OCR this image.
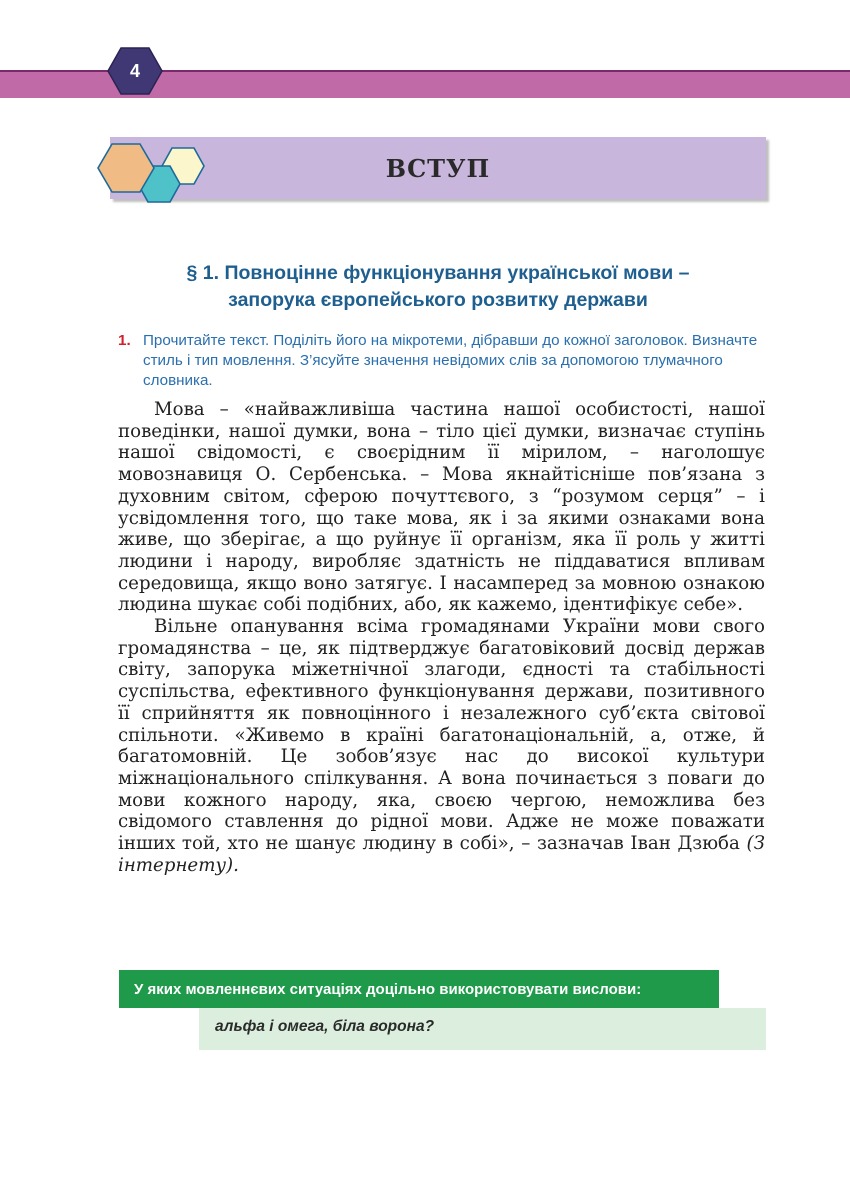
4
ВСТУП
§ 1. Повноцінне функціонування української мови –
запорука європейського розвитку держави
1. Прочитайте текст. Поділіть його на мікротеми, дібравши до кожної заголовок. Визначте стиль і тип мовлення. З’ясуйте значення невідомих слів за допомогою тлумачного словника.

Мова – «найважливіша частина нашої особистості, нашої поведінки, нашої думки, вона – тіло цієї думки, визначає ступінь нашої свідомості, є своєрідним її мірилом, – наголошує мовознавиця О. Сербенська. – Мова якнайтісніше пов’язана з духовним світом, сферою почуттєвого, з “розумом серця” – і усвідомлення того, що таке мова, як і за якими ознаками вона живе, що зберігає, а що руйнує її організм, яка її роль у житті людини і народу, виробляє здатність не піддаватися впливам середовища, якщо воно затягує. І насамперед за мовною ознакою людина шукає собі подібних, або, як кажемо, ідентифікує себе».

Вільне опанування всіма громадянами України мови свого громадянства – це, як підтверджує багатовіковий досвід держав світу, запорука міжетнічної злагоди, єдності та стабільності суспільства, ефективного функціонування держави, позитивного її сприйняття як повноцінного і незалежного суб’єкта світової спільноти. «Живемо в країні багатонаціональній, а, отже, й багатомовній. Це зобов’язує нас до високої культури міжнаціонального спілкування. А вона починається з поваги до мови кожного народу, яка, своєю чергою, неможлива без свідомого ставлення до рідної мови. Адже не може поважати інших той, хто не шанує людину в собі», – зазначав Іван Дзюба (З інтернету).

У яких мовленнєвих ситуаціях доцільно використовувати вислови:
альфа і омега, біла ворона?
